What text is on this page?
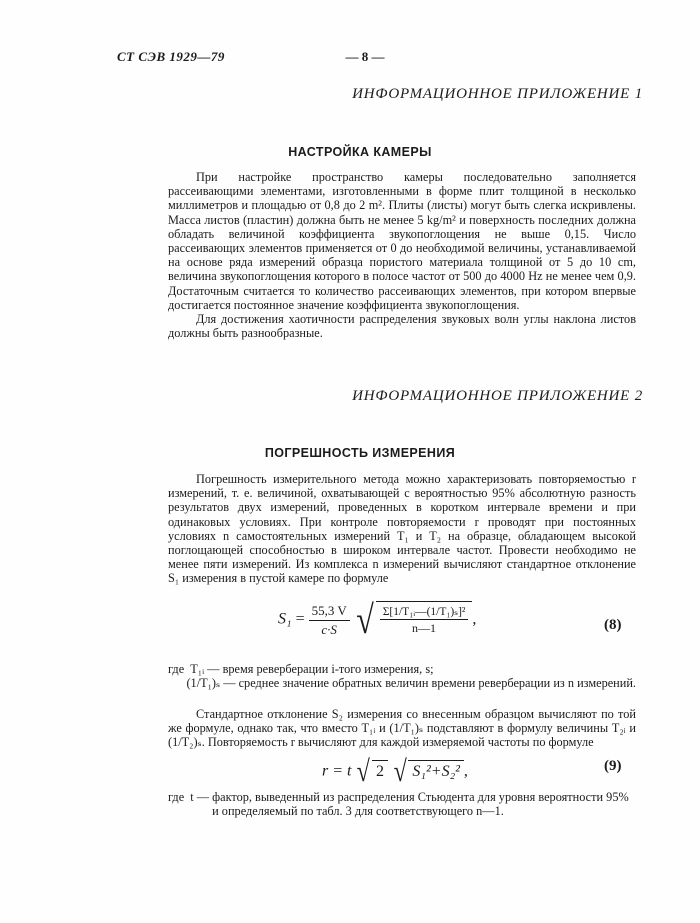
СТ СЭВ 1929—79	— 8 —
ИНФОРМАЦИОННОЕ ПРИЛОЖЕНИЕ 1
НАСТРОЙКА КАМЕРЫ

При настройке пространство камеры последовательно заполняется рассеивающими элементами, изготовленными в форме плит толщиной в несколько миллиметров и площадью от 0,8 до 2 m². Плиты (листы) могут быть слегка искривлены. Масса листов (пластин) должна быть не менее 5 kg/m² и поверхность последних должна обладать величиной коэффициента звукопоглощения не выше 0,15. Число рассеивающих элементов применяется от 0 до необходимой величины, устанавливаемой на основе ряда измерений образца пористого материала толщиной от 5 до 10 cm, величина звукопоглощения которого в полосе частот от 500 до 4000 Hz не менее чем 0,9. Достаточным считается то количество рассеивающих элементов, при котором впервые достигается постоянное значение коэффициента звукопоглощения.

Для достижения хаотичности распределения звуковых волн углы наклона листов должны быть разнообразные.

ИНФОРМАЦИОННОЕ ПРИЛОЖЕНИЕ 2
ПОГРЕШНОСТЬ ИЗМЕРЕНИЯ

Погрешность измерительного метода можно характеризовать повторяемостью r измерений, т. е. величиной, охватывающей с вероятностью 95% абсолютную разность результатов двух измерений, проведенных в коротком интервале времени и при одинаковых условиях. При контроле повторяемости r проводят при постоянных условиях n самостоятельных измерений T₁ и T₂ на образце, обладающем высокой поглощающей способностью в широком интервале частот. Провести необходимо не менее пяти измерений. Из комплекса n измерений вычисляют стандартное отклонение S₁ измерения в пустой камере по формуле

$S_1 = \frac{55,3 V}{c\cdot S}$ √ $\frac{\text{Σ[1/T₁ᵢ—(1/T₁)ₛ]²}}{n—1}$ ,	(8)
где  T₁ᵢ — время реверберации i-того измерения, s;
(1/T₁)ₛ — среднее значение обратных величин времени реверберации из n измерений.

Стандартное отклонение S₂ измерения со внесенным образцом вычисляют по той же формуле, однако так, что вместо T₁ᵢ и (1/T₁)ₛ подставляют в формулу величины T₂ᵢ и (1/T₂)ₛ. Повторяемость r вычисляют для каждой измеряемой частоты по формуле

r = t √ 2 √ S₁²+S₂² ,	(9)
где  t — фактор, выведенный из распределения Стьюдента для уровня вероятности 95% и определяемый по табл. 3 для соответствующего n—1.
